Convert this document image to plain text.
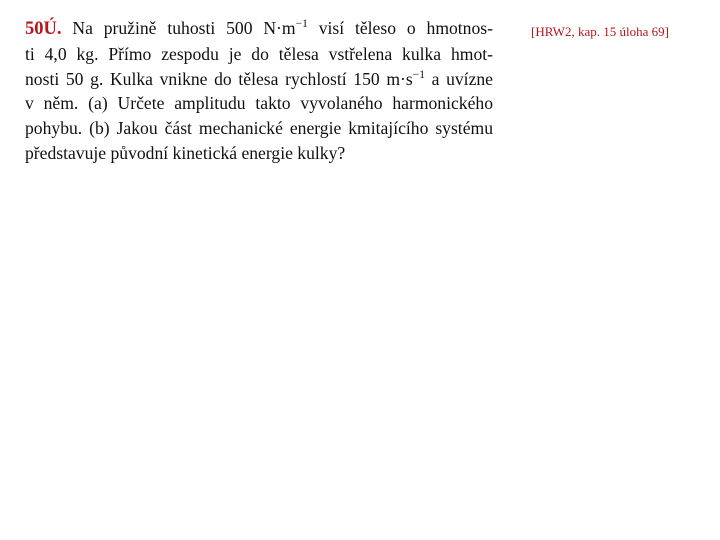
50Ú. Na pružině tuhosti 500 $N\cdot m^{-1}$ visí těleso o hmotnos-
ti 4,0 kg. Přímo zespodu je do tělesa vstřelena kulka hmot-
nosti 50 g. Kulka vnikne do tělesa rychlostí 150 $m\cdot s^{-1}$ a uvízne
v něm. (a) Určete amplitudu takto vyvolaného harmonického
pohybu. (b) Jakou část mechanické energie kmitajícího systému
představuje původní kinetická energie kulky?
[HRW2, kap. 15 úloha 69]
